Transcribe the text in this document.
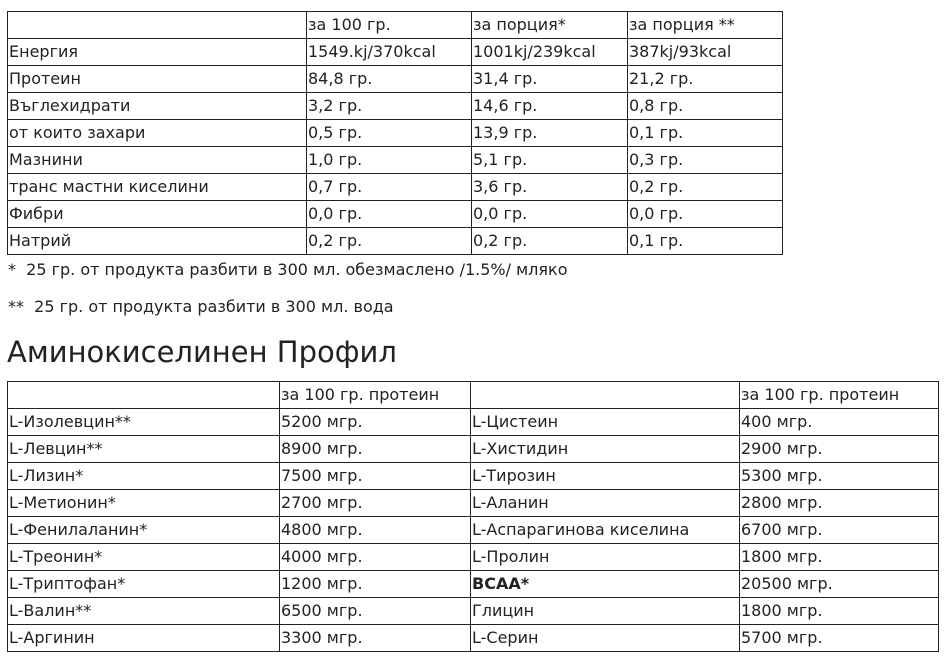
	за 100 гр.	за порция*	за порция **
Енергия	1549.kj/370kcal	1001kj/239kcal	387kj/93kcal
Протеин	84,8 гр.	31,4 гр.	21,2 гр.
Въглехидрати	3,2 гр.	14,6 гр.	0,8 гр.
от които захари	0,5 гр.	13,9 гр.	0,1 гр.
Мазнини	1,0 гр.	5,1 гр.	0,3 гр.
транс мастни киселини	0,7 гр.	3,6 гр.	0,2 гр.
Фибри	0,0 гр.	0,0 гр.	0,0 гр.
Натрий	0,2 гр.	0,2 гр.	0,1 гр.
*  25 гр. от продукта разбити в 300 мл. обезмаслено /1.5%/ мляко
**  25 гр. от продукта разбити в 300 мл. вода
Аминокиселинен Профил
	за 100 гр. протеин		за 100 гр. протеин
L-Изолевцин**	5200 мгр.	L-Цистеин	400 мгр.
L-Левцин**	8900 мгр.	L-Хистидин	2900 мгр.
L-Лизин*	7500 мгр.	L-Тирозин	5300 мгр.
L-Метионин*	2700 мгр.	L-Аланин	2800 мгр.
L-Фенилаланин*	4800 мгр.	L-Аспарагинова киселина	6700 мгр.
L-Треонин*	4000 мгр.	L-Пролин	1800 мгр.
L-Триптофан*	1200 мгр.	BCAA*	20500 мгр.
L-Валин**	6500 мгр.	Глицин	1800 мгр.
L-Аргинин	3300 мгр.	L-Серин	5700 мгр.
